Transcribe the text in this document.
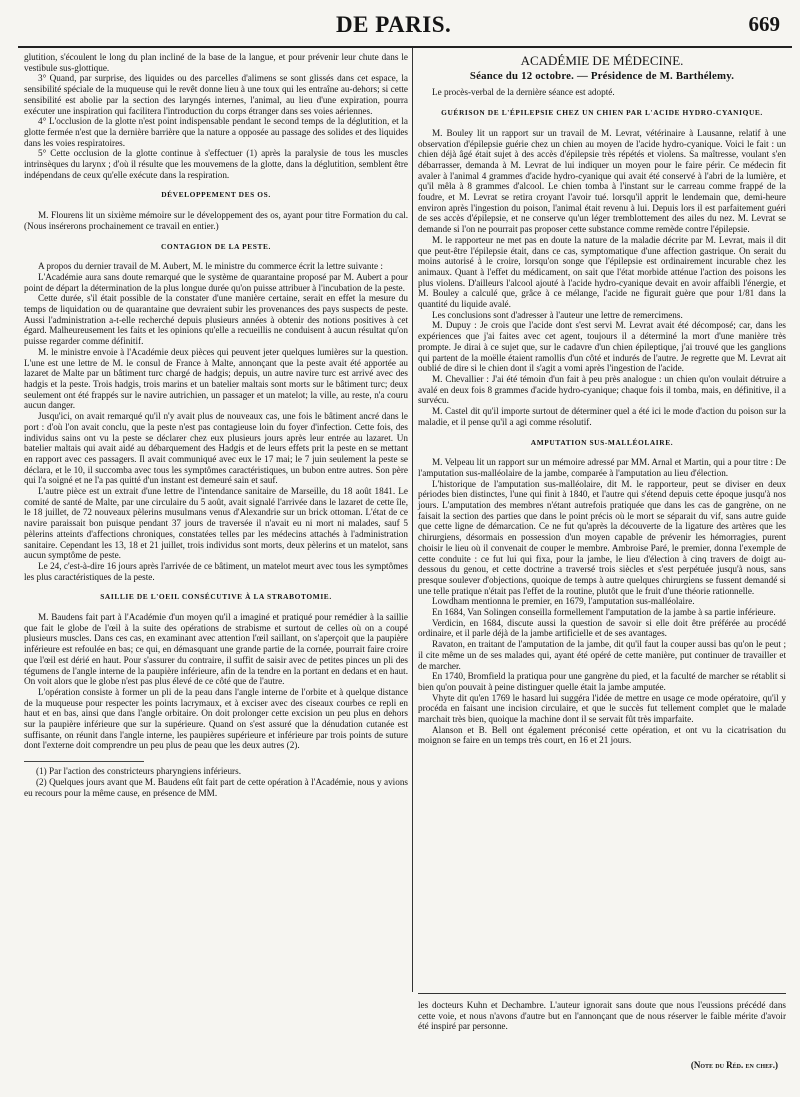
DE PARIS.	669

glutition, s'écoulent le long du plan incliné de la base de la langue, et pour prévenir leur chute dans le vestibule sus-glottique.

3° Quand, par surprise, des liquides ou des parcelles d'alimens se sont glissés dans cet espace, la sensibilité spéciale de la muqueuse qui le revêt donne lieu à une toux qui les entraîne au-dehors; si cette sensibilité est abolie par la section des laryngés internes, l'animal, au lieu d'une expiration, pourra exécuter une inspiration qui facilitera l'introduction du corps étranger dans ses voies aériennes.

4° L'occlusion de la glotte n'est point indispensable pendant le second temps de la déglutition, et la glotte fermée n'est que la dernière barrière que la nature a opposée au passage des solides et des liquides dans les voies respiratoires.

5° Cette occlusion de la glotte continue à s'effectuer (1) après la paralysie de tous les muscles intrinsèques du larynx ; d'où il résulte que les mouvemens de la glotte, dans la déglutition, semblent être indépendans de ceux qu'elle exécute dans la respiration.

DÉVELOPPEMENT DES OS.

M. Flourens lit un sixième mémoire sur le développement des os, ayant pour titre Formation du cal. (Nous insérerons prochainement ce travail en entier.)

CONTAGION DE LA PESTE.

A propos du dernier travail de M. Aubert, M. le ministre du commerce écrit la lettre suivante :

L'Académie aura sans doute remarqué que le système de quarantaine proposé par M. Aubert a pour point de départ la détermination de la plus longue durée qu'on puisse attribuer à l'incubation de la peste.

Cette durée, s'il était possible de la constater d'une manière certaine, serait en effet la mesure du temps de liquidation ou de quarantaine que devraient subir les provenances des pays suspects de peste. Aussi l'administration a-t-elle recherché depuis plusieurs années à obtenir des notions positives à cet égard. Malheureusement les faits et les opinions qu'elle a recueillis ne conduisent à aucun résultat qu'on puisse regarder comme définitif.

M. le ministre envoie à l'Académie deux pièces qui peuvent jeter quelques lumières sur la question. L'une est une lettre de M. le consul de France à Malte, annonçant que la peste avait été apportée au lazaret de Malte par un bâtiment turc chargé de hadgis; depuis, un autre navire turc est arrivé avec des hadgis et la peste. Trois hadgis, trois marins et un batelier maltais sont morts sur le bâtiment turc; deux seulement ont été frappés sur le navire autrichien, un passager et un matelot; la ville, au reste, n'a couru aucun danger.

Jusqu'ici, on avait remarqué qu'il n'y avait plus de nouveaux cas, une fois le bâtiment ancré dans le port : d'où l'on avait conclu, que la peste n'est pas contagieuse loin du foyer d'infection. Cette fois, des individus sains ont vu la peste se déclarer chez eux plusieurs jours après leur entrée au lazaret. Un batelier maltais qui avait aidé au débarquement des Hadgis et de leurs effets prit la peste en se mettant en rapport avec ces passagers. Il avait communiqué avec eux le 17 mai; le 7 juin seulement la peste se déclara, et le 10, il succomba avec tous les symptômes caractéristiques, un bubon entre autres. Son père qui l'a soigné et ne l'a pas quitté d'un instant est demeuré sain et sauf.

L'autre pièce est un extrait d'une lettre de l'intendance sanitaire de Marseille, du 18 août 1841. Le comité de santé de Malte, par une circulaire du 5 août, avait signalé l'arrivée dans le lazaret de cette île, le 18 juillet, de 72 nouveaux pèlerins musulmans venus d'Alexandrie sur un brick ottoman. L'état de ce navire paraissait bon puisque pendant 37 jours de traversée il n'avait eu ni mort ni malades, sauf 5 pèlerins atteints d'affections chroniques, constatées telles par les médecins attachés à l'administration sanitaire. Cependant les 13, 18 et 21 juillet, trois individus sont morts, deux pèlerins et un matelot, sans aucun symptôme de peste.

Le 24, c'est-à-dire 16 jours après l'arrivée de ce bâtiment, un matelot meurt avec tous les symptômes les plus caractéristiques de la peste.

SAILLIE DE L'OEIL CONSÉCUTIVE À LA STRABOTOMIE.

M. Baudens fait part à l'Académie d'un moyen qu'il a imaginé et pratiqué pour remédier à la saillie que fait le globe de l'œil à la suite des opérations de strabisme et surtout de celles où on a coupé plusieurs muscles. Dans ces cas, en examinant avec attention l'œil saillant, on s'aperçoit que la paupière inférieure est refoulée en bas; ce qui, en démasquant une grande partie de la cornée, pourrait faire croire que l'œil est dérié en haut. Pour s'assurer du contraire, il suffit de saisir avec de petites pinces un pli des tégumens de l'angle interne de la paupière inférieure, afin de la tendre en la portant en dedans et en haut. On voit alors que le globe n'est pas plus élevé de ce côté que de l'autre.

L'opération consiste à former un pli de la peau dans l'angle interne de l'orbite et à quelque distance de la muqueuse pour respecter les points lacrymaux, et à exciser avec des ciseaux courbes ce repli en haut et en bas, ainsi que dans l'angle orbitaire. On doit prolonger cette excision un peu plus en dehors sur la paupière inférieure que sur la supérieure. Quand on s'est assuré que la dénudation cutanée est suffisante, on réunit dans l'angle interne, les paupières supérieure et inférieure par trois points de suture dont l'externe doit comprendre un peu plus de peau que les deux autres (2).

(1) Par l'action des constricteurs pharyngiens inférieurs.

(2) Quelques jours avant que M. Baudens eût fait part de cette opération à l'Académie, nous y avions eu recours pour la même cause, en présence de MM.

ACADÉMIE DE MÉDECINE.
Séance du 12 octobre. — Présidence de M. Barthélemy.

Le procès-verbal de la dernière séance est adopté.

GUÉRISON DE L'ÉPILEPSIE CHEZ UN CHIEN PAR L'ACIDE HYDRO-CYANIQUE.

M. Bouley lit un rapport sur un travail de M. Levrat, vétérinaire à Lausanne, relatif à une observation d'épilepsie guérie chez un chien au moyen de l'acide hydro-cyanique. Voici le fait : un chien déjà âgé était sujet à des accès d'épilepsie très répétés et violens. Sa maîtresse, voulant s'en débarrasser, demanda à M. Levrat de lui indiquer un moyen pour le faire périr. Ce médecin fit avaler à l'animal 4 grammes d'acide hydro-cyanique qui avait été conservé à l'abri de la lumière, et qu'il mêla à 8 grammes d'alcool. Le chien tomba à l'instant sur le carreau comme frappé de la foudre, et M. Levrat se retira croyant l'avoir tué. lorsqu'il apprit le lendemain que, demi-heure environ après l'ingestion du poison, l'animal était revenu à lui. Depuis lors il est parfaitement guéri de ses accès d'épilepsie, et ne conserve qu'un léger tremblottement des ailes du nez. M. Levrat se demande si l'on ne pourrait pas proposer cette substance comme remède contre l'épilepsie.

M. le rapporteur ne met pas en doute la nature de la maladie décrite par M. Levrat, mais il dit que peut-être l'épilepsie était, dans ce cas, symptomatique d'une affection gastrique. On serait du moins autorisé à le croire, lorsqu'on songe que l'épilepsie est ordinairement incurable chez les animaux. Quant à l'effet du médicament, on sait que l'état morbide atténue l'action des poisons les plus violens. D'ailleurs l'alcool ajouté à l'acide hydro-cyanique devait en avoir affaibli l'énergie, et M. Bouley a calculé que, grâce à ce mélange, l'acide ne figurait guère que pour 1/81 dans la quantité du liquide avalé.

Les conclusions sont d'adresser à l'auteur une lettre de remercimens.

M. Dupuy : Je crois que l'acide dont s'est servi M. Levrat avait été décomposé; car, dans les expériences que j'ai faites avec cet agent, toujours il a déterminé la mort d'une manière très prompte. Je dirai à ce sujet que, sur le cadavre d'un chien épileptique, j'ai trouvé que les ganglions qui partent de la moëlle étaient ramollis d'un côté et indurés de l'autre. Je regrette que M. Levrat ait oublié de dire si le chien dont il s'agit a vomi après l'ingestion de l'acide.

M. Chevallier : J'ai été témoin d'un fait à peu près analogue : un chien qu'on voulait détruire a avalé en deux fois 8 grammes d'acide hydro-cyanique; chaque fois il tomba, mais, en définitive, il a survécu.

M. Castel dit qu'il importe surtout de déterminer quel a été ici le mode d'action du poison sur la maladie, et il pense qu'il a agi comme résolutif.

AMPUTATION SUS-MALLÉOLAIRE.

M. Velpeau lit un rapport sur un mémoire adressé par MM. Arnal et Martin, qui a pour titre : De l'amputation sus-malléolaire de la jambe, comparée à l'amputation au lieu d'élection.

L'historique de l'amputation sus-malléolaire, dit M. le rapporteur, peut se diviser en deux périodes bien distinctes, l'une qui finit à 1840, et l'autre qui s'étend depuis cette époque jusqu'à nos jours. L'amputation des membres n'étant autrefois pratiquée que dans les cas de gangrène, on ne faisait la section des parties que dans le point précis où le mort se séparait du vif, sans autre guide que cette ligne de démarcation. Ce ne fut qu'après la découverte de la ligature des artères que les chirurgiens, désormais en possession d'un moyen capable de prévenir les hémorragies, purent choisir le lieu où il convenait de couper le membre. Ambroise Paré, le premier, donna l'exemple de cette conduite : ce fut lui qui fixa, pour la jambe, le lieu d'élection à cinq travers de doigt au-dessous du genou, et cette doctrine a traversé trois siècles et s'est perpétuée jusqu'à nous, sans presque soulever d'objections, quoique de temps à autre quelques chirurgiens se fussent demandé si une telle pratique n'était pas l'effet de la routine, plutôt que le fruit d'une théorie rationnelle.

Lowdham mentionna le premier, en 1679, l'amputation sus-malléolaire.

En 1684, Van Solingen conseilla formellement l'amputation de la jambe à sa partie inférieure.

Verdicin, en 1684, discute aussi la question de savoir si elle doit être préférée au procédé ordinaire, et il parle déjà de la jambe artificielle et de ses avantages.

Ravaton, en traitant de l'amputation de la jambe, dit qu'il faut la couper aussi bas qu'on le peut ; il cite même un de ses malades qui, ayant été opéré de cette manière, put continuer de travailler et de marcher.

En 1740, Bromfield la pratiqua pour une gangrène du pied, et la faculté de marcher se rétablit si bien qu'on pouvait à peine distinguer quelle était la jambe amputée.

Vhyte dit qu'en 1769 le hasard lui suggéra l'idée de mettre en usage ce mode opératoire, qu'il y procéda en faisant une incision circulaire, et que le succès fut tellement complet que le malade marchait très bien, quoique la machine dont il se servait fût très imparfaite.

Alanson et B. Bell ont également préconisé cette opération, et ont vu la cicatrisation du moignon se faire en un temps très court, en 16 et 21 jours.

les docteurs Kuhn et Dechambre. L'auteur ignorait sans doute que nous l'eussions précédé dans cette voie, et nous n'avons d'autre but en l'annonçant que de nous réserver le faible mérite d'avoir été inspiré par personne.
(Note du Réd. en chef.)
